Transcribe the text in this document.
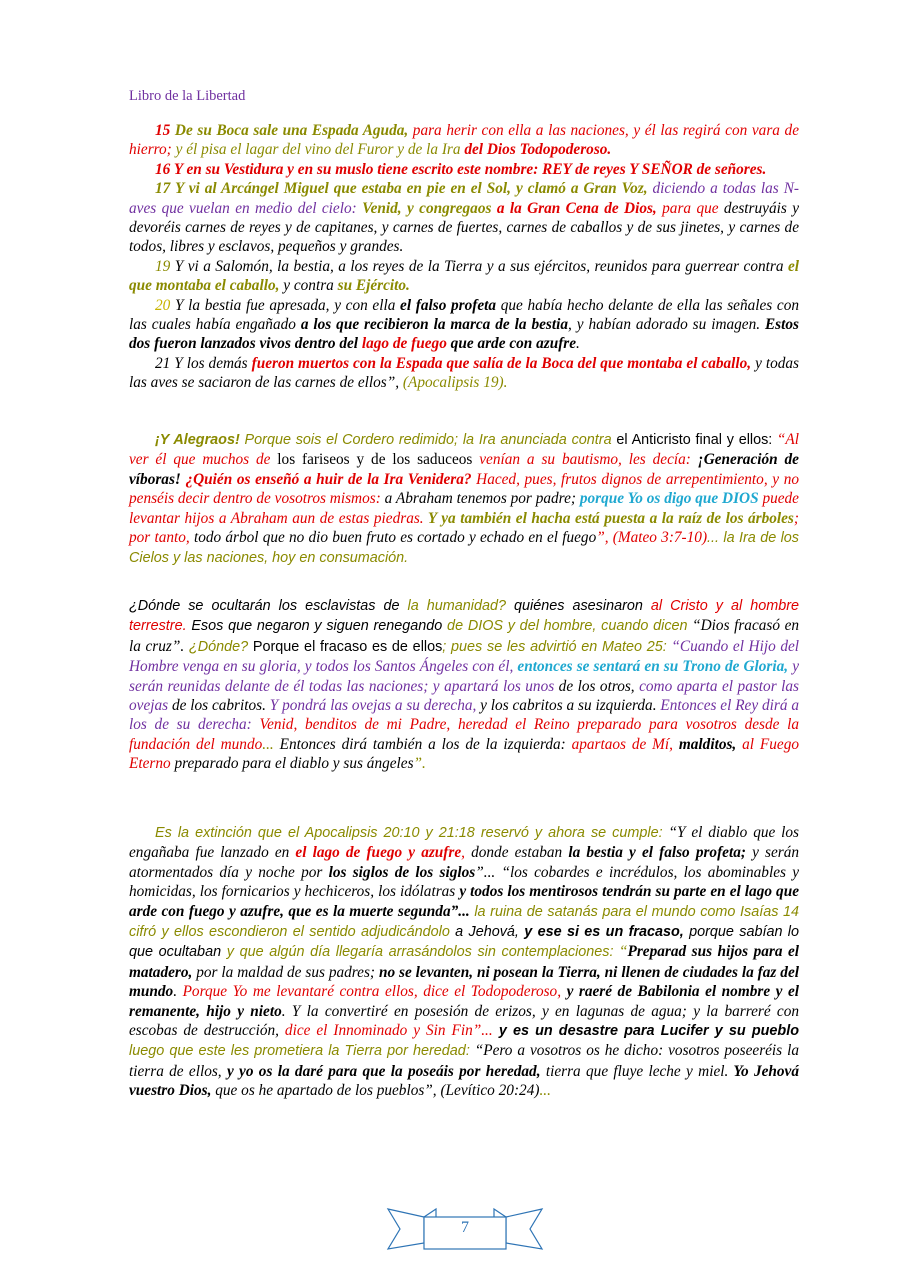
Libro de la Libertad

15 De su Boca sale una Espada Aguda, para herir con ella a las naciones, y él las regirá con vara de hierro; y él pisa el lagar del vino del Furor y de la Ira del Dios Todopoderoso.

16 Y en su Vestidura y en su muslo tiene escrito este nombre: REY de reyes Y SEÑOR de señores.

17 Y vi al Arcángel Miguel que estaba en pie en el Sol, y clamó a Gran Voz, diciendo a todas las N-aves que vuelan en medio del cielo: Venid, y congregaos a la Gran Cena de Dios, para que destruyáis y devoréis carnes de reyes y de capitanes, y carnes de fuertes, carnes de caballos y de sus jinetes, y carnes de todos, libres y esclavos, pequeños y grandes.

19 Y vi a Salomón, la bestia, a los reyes de la Tierra y a sus ejércitos, reunidos para guerrear contra el que montaba el caballo, y contra su Ejército.

20 Y la bestia fue apresada, y con ella el falso profeta que había hecho delante de ella las señales con las cuales había engañado a los que recibieron la marca de la bestia, y habían adorado su imagen. Estos dos fueron lanzados vivos dentro del lago de fuego que arde con azufre.

21 Y los demás fueron muertos con la Espada que salía de la Boca del que montaba el caballo, y todas las aves se saciaron de las carnes de ellos”, (Apocalipsis 19).

¡Y Alegraos! Porque sois el Cordero redimido; la Ira anunciada contra el Anticristo final y ellos: “Al ver él que muchos de los fariseos y de los saduceos venían a su bautismo, les decía: ¡Generación de víboras! ¿Quién os enseñó a huir de la Ira Venidera? Haced, pues, frutos dignos de arrepentimiento, y no penséis decir dentro de vosotros mismos: a Abraham tenemos por padre; porque Yo os digo que DIOS puede levantar hijos a Abraham aun de estas piedras. Y ya también el hacha está puesta a la raíz de los árboles; por tanto, todo árbol que no dio buen fruto es cortado y echado en el fuego”, (Mateo 3:7-10)... la Ira de los Cielos y las naciones, hoy en consumación.

¿Dónde se ocultarán los esclavistas de la humanidad? quiénes asesinaron al Cristo y al hombre terrestre. Esos que negaron y siguen renegando de DIOS y del hombre, cuando dicen “Dios fracasó en la cruz”. ¿Dónde? Porque el fracaso es de ellos; pues se les advirtió en Mateo 25: “Cuando el Hijo del Hombre venga en su gloria, y todos los Santos Ángeles con él, entonces se sentará en su Trono de Gloria, y serán reunidas delante de él todas las naciones; y apartará los unos de los otros, como aparta el pastor las ovejas de los cabritos. Y pondrá las ovejas a su derecha, y los cabritos a su izquierda. Entonces el Rey dirá a los de su derecha: Venid, benditos de mi Padre, heredad el Reino preparado para vosotros desde la fundación del mundo... Entonces dirá también a los de la izquierda: apartaos de Mí, malditos, al Fuego Eterno preparado para el diablo y sus ángeles”.

Es la extinción que el Apocalipsis 20:10 y 21:18 reservó y ahora se cumple: “Y el diablo que los engañaba fue lanzado en el lago de fuego y azufre, donde estaban la bestia y el falso profeta; y serán atormentados día y noche por los siglos de los siglos”... “los cobardes e incrédulos, los abominables y homicidas, los fornicarios y hechiceros, los idólatras y todos los mentirosos tendrán su parte en el lago que arde con fuego y azufre, que es la muerte segunda”... la ruina de satanás para el mundo como Isaías 14 cifró y ellos escondieron el sentido adjudicándolo a Jehová, y ese si es un fracaso, porque sabían lo que ocultaban y que algún día llegaría arrasándolos sin contemplaciones: “Preparad sus hijos para el matadero, por la maldad de sus padres; no se levanten, ni posean la Tierra, ni llenen de ciudades la faz del mundo. Porque Yo me levantaré contra ellos, dice el Todopoderoso, y raeré de Babilonia el nombre y el remanente, hijo y nieto. Y la convertiré en posesión de erizos, y en lagunas de agua; y la barreré con escobas de destrucción, dice el Innominado y Sin Fin”... y es un desastre para Lucifer y su pueblo luego que este les prometiera la Tierra por heredad: “Pero a vosotros os he dicho: vosotros poseeréis la tierra de ellos, y yo os la daré para que la poseáis por heredad, tierra que fluye leche y miel. Yo Jehová vuestro Dios, que os he apartado de los pueblos”, (Levítico 20:24)...

7
